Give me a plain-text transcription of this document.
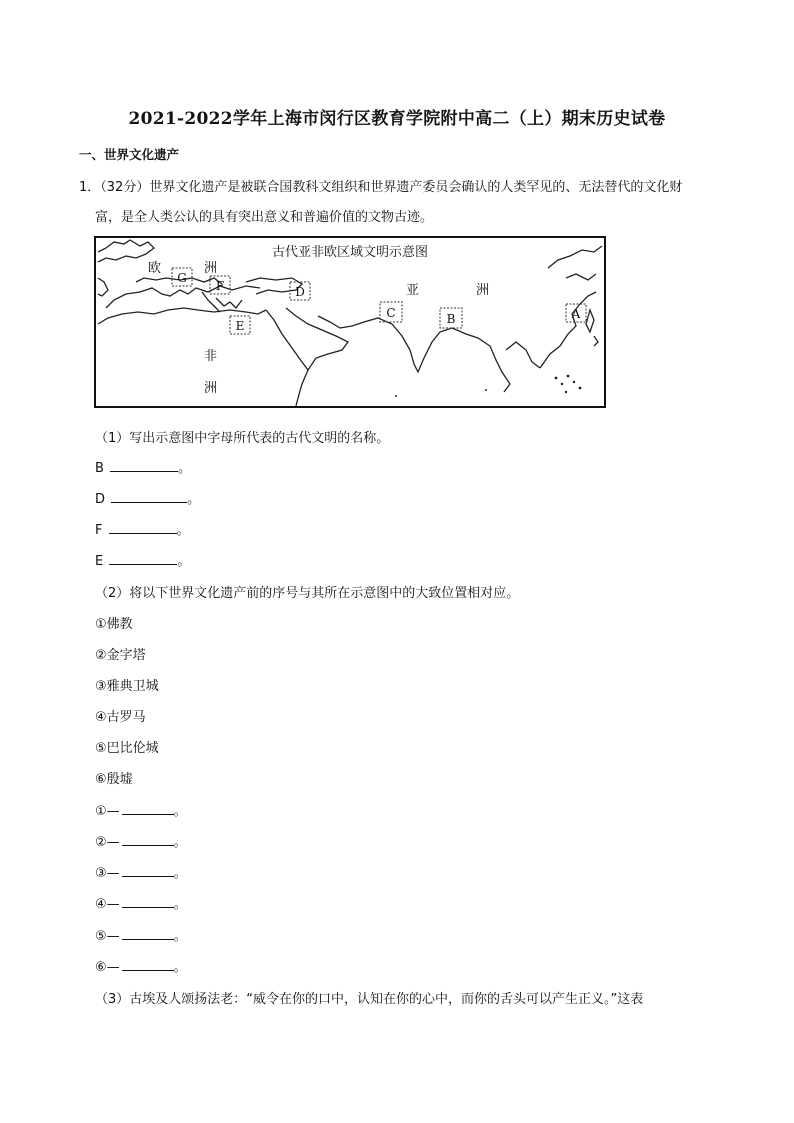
2021-2022学年上海市闵行区教育学院附中高二（上）期末历史试卷
一、世界文化遗产
1．（32分）世界文化遗产是被联合国教科文组织和世界遗产委员会确认的人类罕见的、无法替代的文化财
富，是全人类公认的具有突出意义和普遍价值的文物古迹。
古代亚非欧区域文明示意图
欧	洲
亚	洲
非
洲
G
F	D
E
C	B	A
（1）写出示意图中字母所代表的古代文明的名称。
B	。
D	。
F	。
E	。
（2）将以下世界文化遗产前的序号与其所在示意图中的大致位置相对应。
①佛教
②金字塔
③雅典卫城
④古罗马
⑤巴比伦城
⑥殷墟
①—	。
②—	。
③—	。
④—	。
⑤—	。
⑥—	。
（3）古埃及人颂扬法老：“威令在你的口中，认知在你的心中，而你的舌头可以产生正义。”这表
